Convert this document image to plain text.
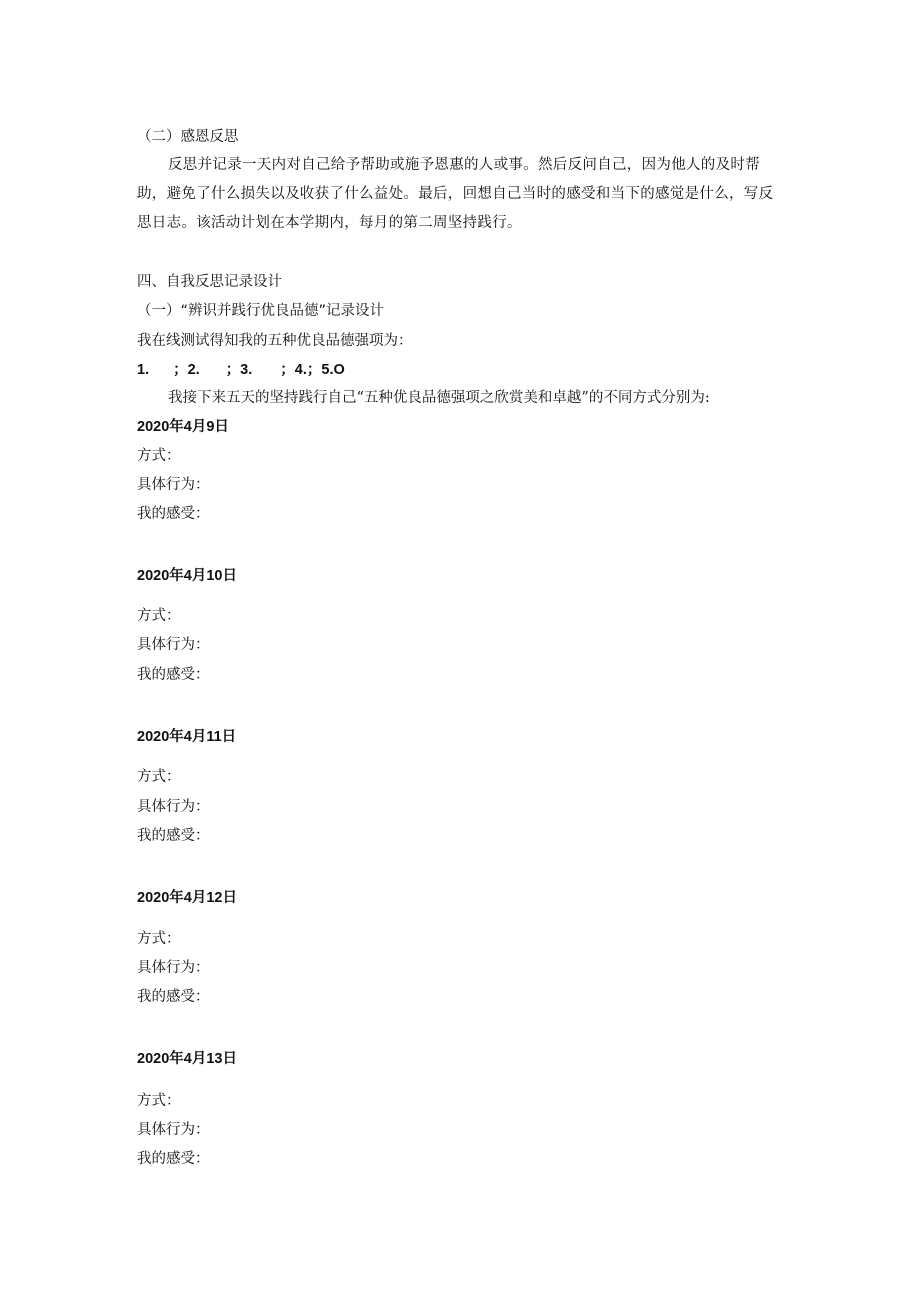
（二）感恩反思
反思并记录一天内对自己给予帮助或施予恩惠的人或事。然后反问自己，因为他人的及时帮助，避免了什么损失以及收获了什么益处。最后，回想自己当时的感受和当下的感觉是什么，写反思日志。该活动计划在本学期内，每月的第二周坚持践行。
四、自我反思记录设计
（一）“辨识并践行优良品德”记录设计
我在线测试得知我的五种优良品德强项为：
1. ；2. ；3. ；4.；5.O
我接下来五天的坚持践行自己“五种优良品德强项之欣赏美和卓越”的不同方式分别为:
2020年4月9日
方式：
具体行为：
我的感受：
2020年4月10日
方式：
具体行为：
我的感受：
2020年4月11日
方式：
具体行为：
我的感受：
2020年4月12日
方式：
具体行为：
我的感受：
2020年4月13日
方式：
具体行为：
我的感受：
